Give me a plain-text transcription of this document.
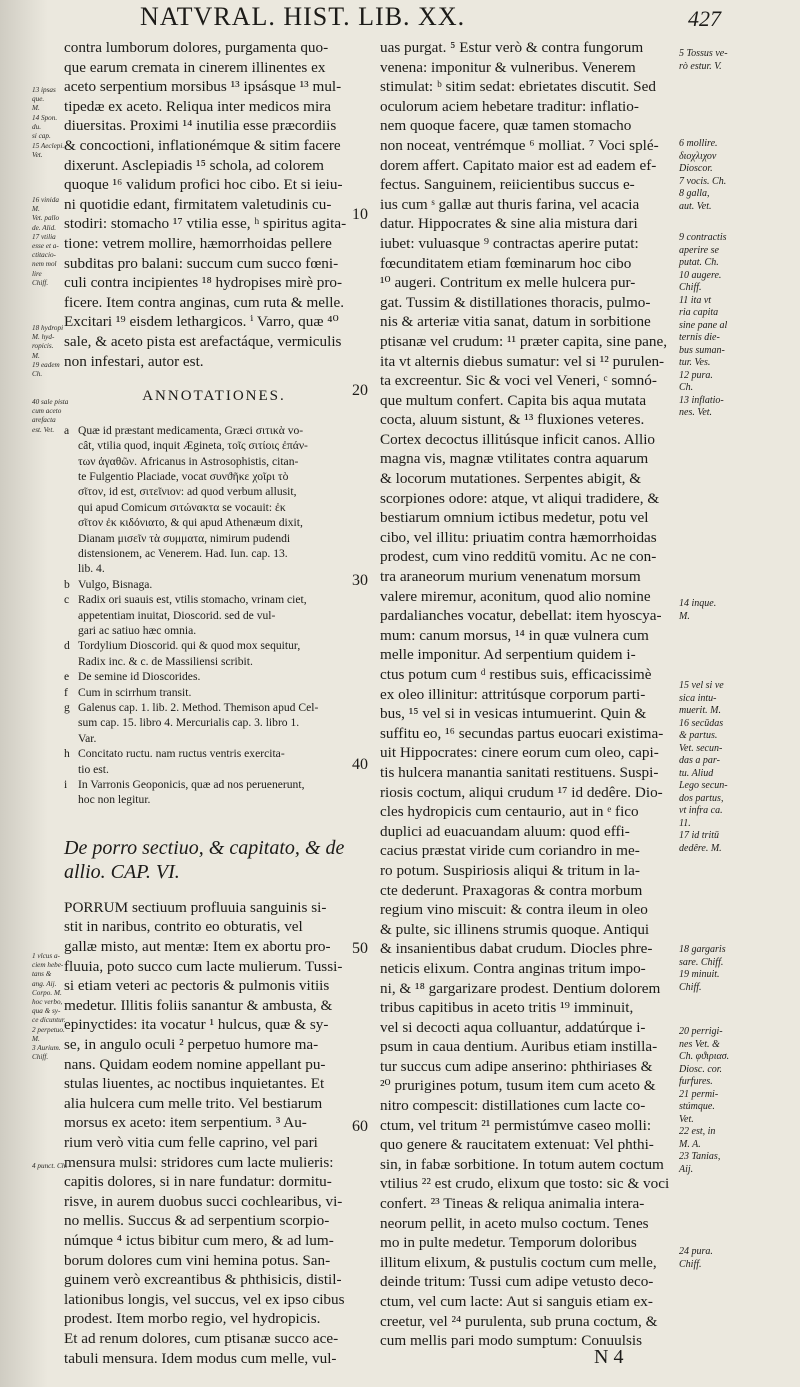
NATVRAL. HIST. LIB. XX.	427
contra lumborum dolores, purgamenta quo-
que earum cremata in cinerem illinentes ex
aceto serpentium morsibus ¹³ ipsásque ¹³ mul-
tipedæ ex aceto. Reliqua inter medicos mira
diuersitas. Proximi ¹⁴ inutilia esse præcordiis
& concoctioni, inflationémque & sitim facere
dixerunt. Asclepiadis ¹⁵ schola, ad colorem
quoque ¹⁶ validum profici hoc cibo. Et si ieiu-
ni quotidie edant, firmitatem valetudinis cu-
stodiri: stomacho ¹⁷ vtilia esse, ʰ spiritus agita-
tione: vetrem mollire, hæmorrhoidas pellere
subditas pro balani: succum cum succo fœni-
culi contra incipientes ¹⁸ hydropises mirè pro-
ficere. Item contra anginas, cum ruta & melle.
Excitari ¹⁹ eisdem lethargicos. ⁱ Varro, quæ ⁴⁰
sale, & aceto pista est arefactáque, vermiculis
non infestari, autor est.
ANNOTATIONES.
a Quæ id præstant medicamenta, Græci σιτικὰ vo-
cât, vtilia quod, inquit Ægineta, τοῖς σιτίοις ἐπάν-
των ἀγαθῶν. Africanus in Astrosophistis, citan-
te Fulgentio Placiade, vocat συνϑῆκε χοῖρι τὸ
σῖτον, id est, σιτεῖνιον: ad quod verbum allusit,
qui apud Comicum σιτώνακτα se vocauit: ἐκ
σῖτον ἐκ κιδόνιατο, & qui apud Athenæum dixit,
Dianam μισεῖν τὰ συμματα, nimirum pudendi
distensionem, ac Venerem. Had. Iun. cap. 13.
lib. 4.
b Vulgo, Bisnaga.
c Radix ori suauis est, vtilis stomacho, vrinam ciet,
appetentiam inuitat, Dioscorid. sed de vul-
gari ac satiuo hæc omnia.
d Tordylium Dioscorid. qui & quod mox sequitur,
Radix inc. & c. de Massiliensi scribit.
e De semine id Dioscorides.
f Cum in scirrhum transit.
g Galenus cap. 1. lib. 2. Method. Themison apud Cel-
sum cap. 15. libro 4. Mercurialis cap. 3. libro 1.
Var.
h Concitato ructu. nam ructus ventris exercita-
tio est.
i In Varronis Geoponicis, quæ ad nos peruenerunt,
hoc non legitur.
De porro sectiuo, & capitato, & de
allio. CAP. VI.
PORRUM sectiuum profluuia sanguinis si-
stit in naribus, contrito eo obturatis, vel
gallæ misto, aut mentæ: Item ex abortu pro-
fluuia, poto succo cum lacte mulierum. Tussi-
si etiam veteri ac pectoris & pulmonis vitiis
medetur. Illitis foliis sanantur & ambusta, &
epinyctides: ita vocatur ¹ hulcus, quæ & sy-
se, in angulo oculi ² perpetuo humore ma-
nans. Quidam eodem nomine appellant pu-
stulas liuentes, ac noctibus inquietantes. Et
alia hulcera cum melle trito. Vel bestiarum
morsus ex aceto: item serpentium. ³ Au-
rium verò vitia cum felle caprino, vel pari
mensura mulsi: stridores cum lacte mulieris:
capitis dolores, si in nare fundatur: dormitu-
risve, in aurem duobus succi cochlearibus, vi-
no mellis. Succus & ad serpentium scorpio-
númque ⁴ ictus bibitur cum mero, & ad lum-
borum dolores cum vini hemina potus. San-
guinem verò excreantibus & phthisicis, distil-
lationibus longis, vel succus, vel ex ipso cibus
prodest. Item morbo regio, vel hydropicis.
Et ad renum dolores, cum ptisanæ succo ace-
tabuli mensura. Idem modus cum melle, vul-
10
20
30
40
50
60
uas purgat. ⁵ Estur verò & contra fungorum
venena: imponitur & vulneribus. Venerem
stimulat: ᵇ sitim sedat: ebrietates discutit. Sed
oculorum aciem hebetare traditur: inflatio-
nem quoque facere, quæ tamen stomacho
non noceat, ventrémque ⁶ molliat. ⁷ Voci splé-
dorem affert. Capitato maior est ad eadem ef-
fectus. Sanguinem, reiicientibus succus e-
ius cum ˢ gallæ aut thuris farina, vel acacia
datur. Hippocrates & sine alia mistura dari
iubet: vuluasque ⁹ contractas aperire putat:
fœcunditatem etiam fœminarum hoc cibo
¹⁰ augeri. Contritum ex melle hulcera pur-
gat. Tussim & distillationes thoracis, pulmo-
nis & arteriæ vitia sanat, datum in sorbitione
ptisanæ vel crudum: ¹¹ præter capita, sine pane,
ita vt alternis diebus sumatur: vel si ¹² purulen-
ta excreentur. Sic & voci vel Veneri, ᶜ somnó-
que multum confert. Capita bis aqua mutata
cocta, aluum sistunt, & ¹³ fluxiones veteres.
Cortex decoctus illitúsque inficit canos. Allio
magna vis, magnæ vtilitates contra aquarum
& locorum mutationes. Serpentes abigit, &
scorpiones odore: atque, vt aliqui tradidere, &
bestiarum omnium ictibus medetur, potu vel
cibo, vel illitu: priuatim contra hæmorrhoidas
prodest, cum vino redditū vomitu. Ac ne con-
tra araneorum murium venenatum morsum
valere miremur, aconitum, quod alio nomine
pardalianches vocatur, debellat: item hyoscya-
mum: canum morsus, ¹⁴ in quæ vulnera cum
melle imponitur. Ad serpentium quidem i-
ctus potum cum ᵈ restibus suis, efficacissimè
ex oleo illinitur: attritúsque corporum parti-
bus, ¹⁵ vel si in vesicas intumuerint. Quin &
suffitu eo, ¹⁶ secundas partus euocari existima-
uit Hippocrates: cinere eorum cum oleo, capi-
tis hulcera manantia sanitati restituens. Suspi-
riosis coctum, aliqui crudum ¹⁷ id dedêre. Dio-
cles hydropicis cum centaurio, aut in ᵉ fico
duplici ad euacuandam aluum: quod effi-
cacius præstat viride cum coriandro in me-
ro potum. Suspiriosis aliqui & tritum in la-
cte dederunt. Praxagoras & contra morbum
regium vino miscuit: & contra ileum in oleo
& pulte, sic illinens strumis quoque. Antiqui
& insanientibus dabat crudum. Diocles phre-
neticis elixum. Contra anginas tritum impo-
ni, & ¹⁸ gargarizare prodest. Dentium dolorem
tribus capitibus in aceto tritis ¹⁹ imminuit,
vel si decocti aqua colluantur, addatúrque i-
psum in caua dentium. Auribus etiam instilla-
tur succus cum adipe anserino: phthiriases &
²⁰ prurigines potum, tusum item cum aceto &
nitro compescit: distillationes cum lacte co-
ctum, vel tritum ²¹ permistúmve caseo molli:
quo genere & raucitatem extenuat: Vel phthi-
sin, in fabæ sorbitione. In totum autem coctum
vtilius ²² est crudo, elixum que tosto: sic & voci
confert. ²³ Tineas & reliqua animalia interа-
neorum pellit, in aceto mulso coctum. Tenes
mo in pulte medetur. Temporum doloribus
illitum elixum, & pustulis coctum cum melle,
deinde tritum: Tussi cum adipe vetusto deco-
ctum, vel cum lacte: Aut si sanguis etiam ex-
creetur, vel ²⁴ purulenta, sub pruna coctum, &
cum mellis pari modo sumptum: Conuulsis
13 ipsas
que.
M.

14 Spon.
du.
si cap.
15 Aeclepi.
Vet.
16 vinida
M.
Vet. pallo
de. Alid.
17 vtilia
esse et a-
ctitacio-
nem mol
lire
Chiff.
18 hydropi
M. hyd-
ropicis.
M.
19 eadem
Ch.
40 sale pista
cum aceto
arefacta
est. Vet.
1 vlcus a-
ciem hebe-
tans &
ang. Aij.
Corpo. M.
hoc verbo,
qua & sy-
ce dicuntur.
2 perpetuo.
M.
3 Aurium.
Chiff.
4 punct. Ch.
5 Tossus ve-
rò estur. V.
6 mollire.
διοχλιχον
Dioscor.
7 vocis. Ch.
8 galla,
aut. Vet.
9 contractis
aperire se
putat. Ch.
10 augere.
Chiff.
11 ita vt
ria capita
sine pane al
ternis die-
bus suman-
tur. Ves.
12 pura.
Ch.
13 inflatio-
nes. Vet.
14 inque.
M.
15 vel si ve
sica intu-
muerit. M.
16 secūdas
& partus.
Vet. secun-
das a par-
tu. Aliud
Lego secun-
dos partus,
vt infra ca.
11.
17 id tritū
dedêre. M.
18 gargaris
sare. Chiff.
19 minuit.
Chiff.
20 perrigi-
nes Vet. &
Ch. φϑιριασ.
Diosc. cor.
furfures.
21 permi-
stúmque.
Vet.
22 est, in
M. A.
23 Tanias,
Aij.
24 pura.
Chiff.
N 4
